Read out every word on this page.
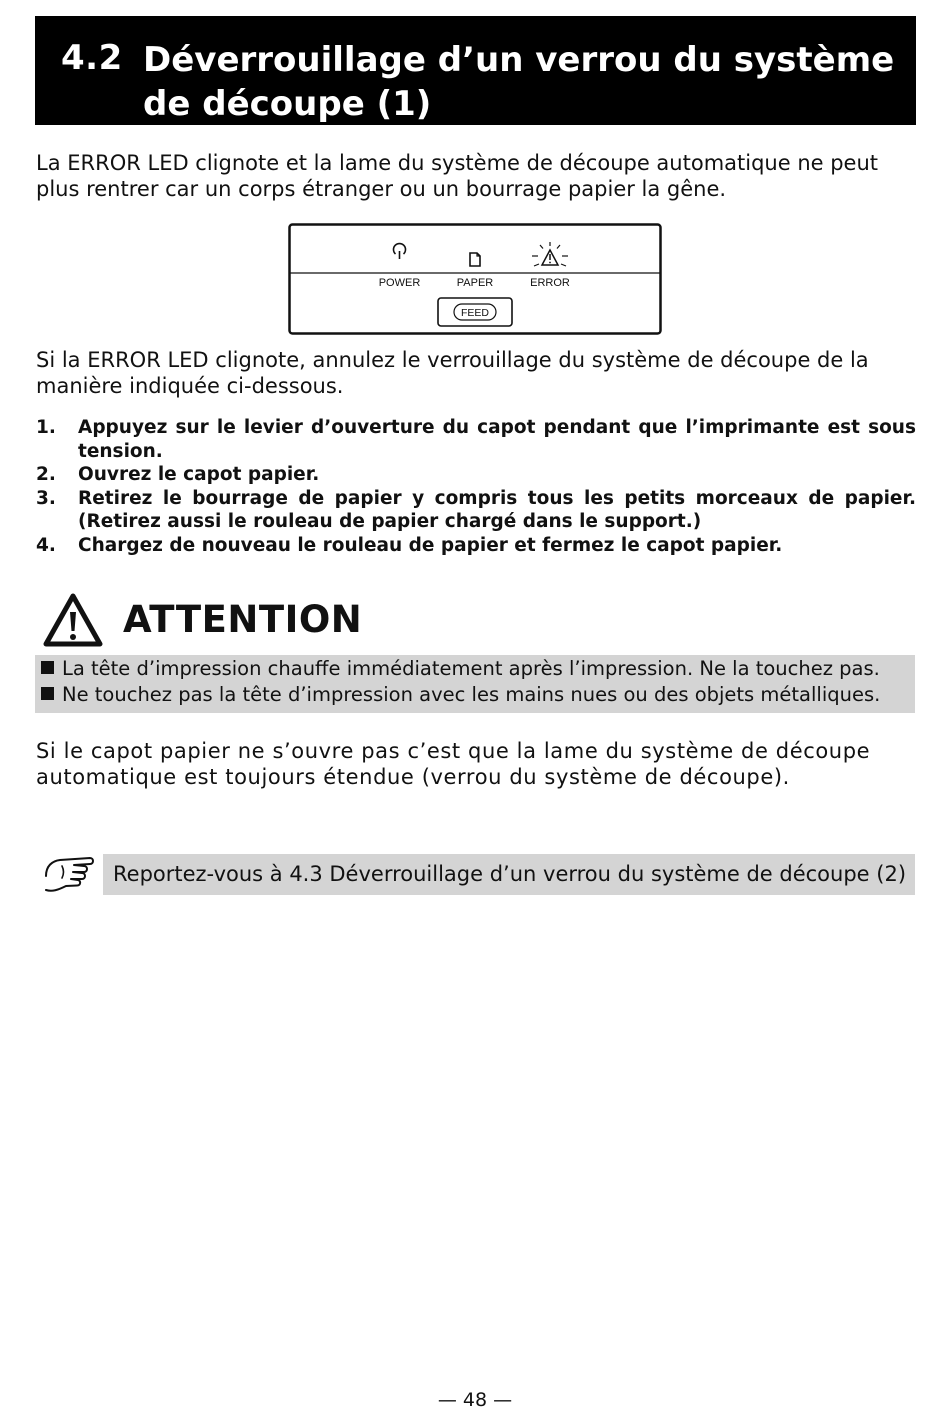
4.2 Déverrouillage d’un verrou du système de découpe (1)
La ERROR LED clignote et la lame du système de découpe automatique ne peut plus rentrer car un corps étranger ou un bourrage papier la gêne.
POWER	PAPER	ERROR
FEED
Si la ERROR LED clignote, annulez le verrouillage du système de découpe de la manière indiquée ci-dessous.
1. Appuyez sur le levier d’ouverture du capot pendant que l’imprimante est sous tension.
2. Ouvrez le capot papier.
3. Retirez le bourrage de papier y compris tous les petits morceaux de papier. (Retirez aussi le rouleau de papier chargé dans le support.)
4. Chargez de nouveau le rouleau de papier et fermez le capot papier.
ATTENTION
La tête d’impression chauffe immédiatement après l’impression. Ne la touchez pas.
Ne touchez pas la tête d’impression avec les mains nues ou des objets métalliques.
Si le capot papier ne s’ouvre pas c’est que la lame du système de découpe automatique est toujours étendue (verrou du système de découpe).
Reportez-vous à 4.3 Déverrouillage d’un verrou du système de découpe (2)
— 48 —
